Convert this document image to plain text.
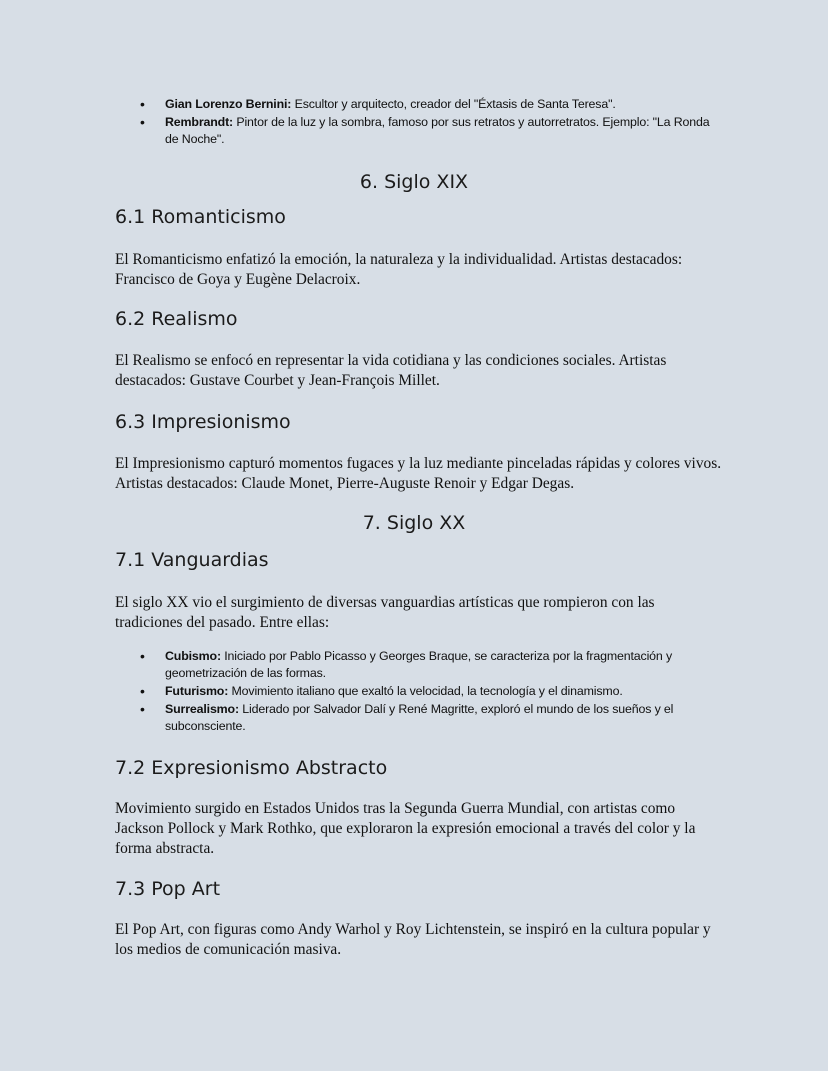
• Gian Lorenzo Bernini: Escultor y arquitecto, creador del "Éxtasis de Santa Teresa".
• Rembrandt: Pintor de la luz y la sombra, famoso por sus retratos y autorretratos. Ejemplo: "La Ronda de Noche".
6. Siglo XIX
6.1 Romanticismo

El Romanticismo enfatizó la emoción, la naturaleza y la individualidad. Artistas destacados: Francisco de Goya y Eugène Delacroix.

6.2 Realismo

El Realismo se enfocó en representar la vida cotidiana y las condiciones sociales. Artistas destacados: Gustave Courbet y Jean-François Millet.

6.3 Impresionismo

El Impresionismo capturó momentos fugaces y la luz mediante pinceladas rápidas y colores vivos. Artistas destacados: Claude Monet, Pierre-Auguste Renoir y Edgar Degas.

7. Siglo XX
7.1 Vanguardias

El siglo XX vio el surgimiento de diversas vanguardias artísticas que rompieron con las tradiciones del pasado. Entre ellas:

• Cubismo: Iniciado por Pablo Picasso y Georges Braque, se caracteriza por la fragmentación y geometrización de las formas.
• Futurismo: Movimiento italiano que exaltó la velocidad, la tecnología y el dinamismo.
• Surrealismo: Liderado por Salvador Dalí y René Magritte, exploró el mundo de los sueños y el subconsciente.
7.2 Expresionismo Abstracto

Movimiento surgido en Estados Unidos tras la Segunda Guerra Mundial, con artistas como Jackson Pollock y Mark Rothko, que exploraron la expresión emocional a través del color y la forma abstracta.

7.3 Pop Art

El Pop Art, con figuras como Andy Warhol y Roy Lichtenstein, se inspiró en la cultura popular y los medios de comunicación masiva.
